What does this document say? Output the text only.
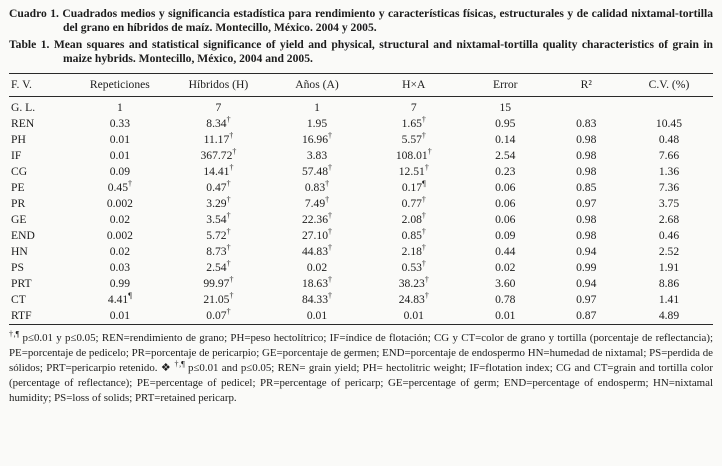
Cuadro 1. Cuadrados medios y significancia estadística para rendimiento y características físicas, estructurales y de calidad nixtamal-tortilla del grano en híbridos de maíz. Montecillo, México. 2004 y 2005.
Table 1. Mean squares and statistical significance of yield and physical, structural and nixtamal-tortilla quality characteristics of grain in maize hybrids. Montecillo, México, 2004 and 2005.
F. V.	Repeticiones	Híbridos (H)	Años (A)	H×A	Error	R²	C.V. (%)
G. L.	1	7	1	7	15		
REN	0.33	8.34†	1.95	1.65†	0.95	0.83	10.45
PH	0.01	11.17†	16.96†	5.57†	0.14	0.98	0.48
IF	0.01	367.72†	3.83	108.01†	2.54	0.98	7.66
CG	0.09	14.41†	57.48†	12.51†	0.23	0.98	1.36
PE	0.45†	0.47†	0.83†	0.17¶	0.06	0.85	7.36
PR	0.002	3.29†	7.49†	0.77†	0.06	0.97	3.75
GE	0.02	3.54†	22.36†	2.08†	0.06	0.98	2.68
END	0.002	5.72†	27.10†	0.85†	0.09	0.98	0.46
HN	0.02	8.73†	44.83†	2.18†	0.44	0.94	2.52
PS	0.03	2.54†	0.02	0.53†	0.02	0.99	1.91
PRT	0.99	99.97†	18.63†	38.23†	3.60	0.94	8.86
CT	4.41¶	21.05†	84.33†	24.83†	0.78	0.97	1.41
RTF	0.01	0.07†	0.01	0.01	0.01	0.87	4.89
†,¶ p≤0.01 y p≤0.05; REN=rendimiento de grano; PH=peso hectolítrico; IF=índice de flotación; CG y CT=color de grano y tortilla (porcentaje de reflectancia); PE=porcentaje de pedicelo; PR=porcentaje de pericarpio; GE=porcentaje de germen; END=porcentaje de endospermo HN=humedad de nixtamal; PS=perdida de sólidos; PRT=pericarpio retenido. ❖ †,¶ p≤0.01 and p≤0.05; REN= grain yield; PH= hectolitric weight; IF=flotation index; CG and CT=grain and tortilla color (percentage of reflectance); PE=percentage of pedicel; PR=percentage of pericarp; GE=percentage of germ; END=percentage of endosperm; HN=nixtamal humidity; PS=loss of solids; PRT=retained pericarp.
